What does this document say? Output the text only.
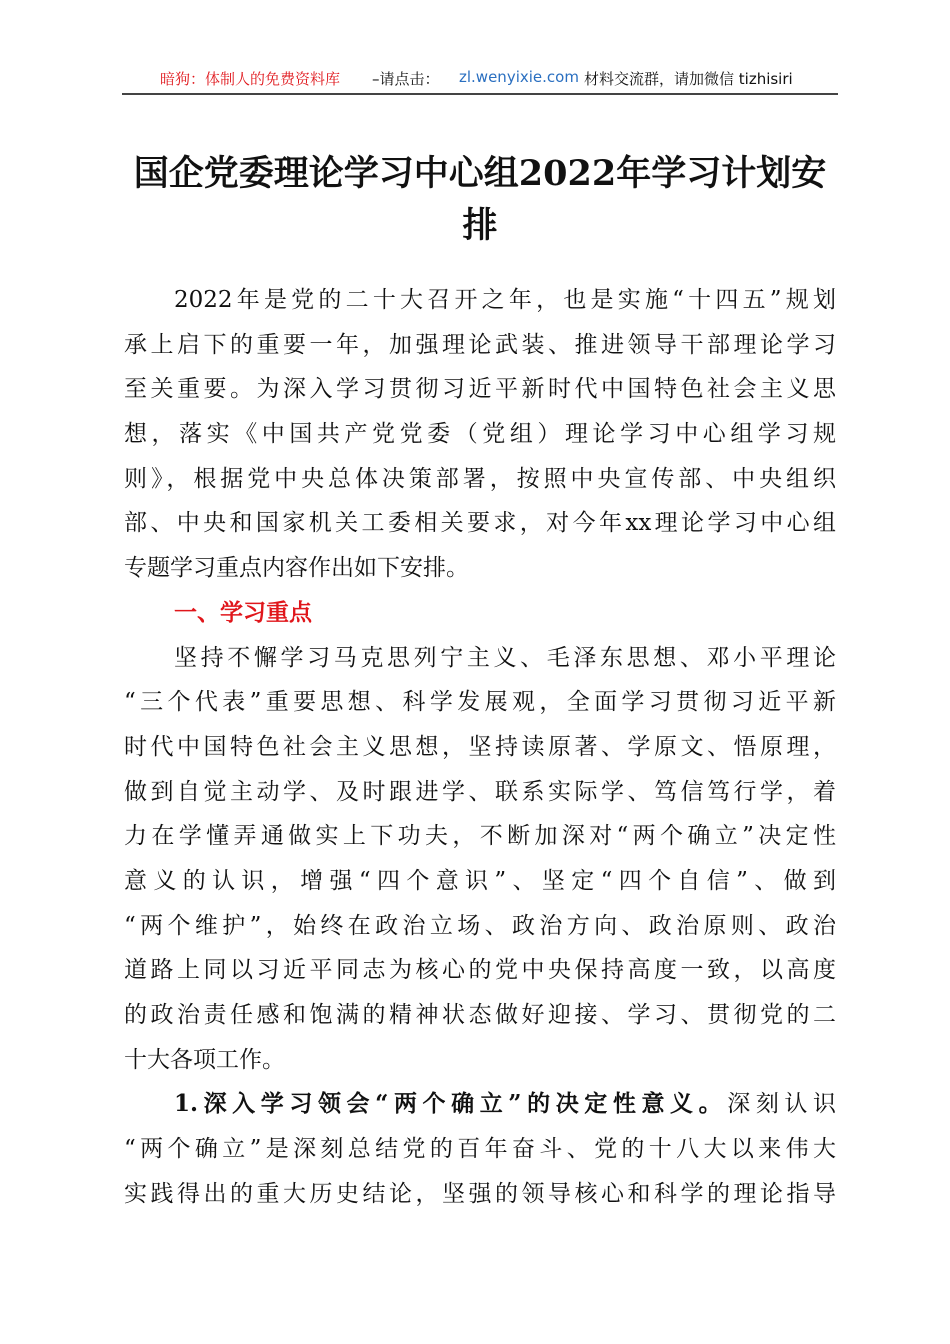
暗狗：体制人的免费资料库 –请点击： zl.wenyixie.com 材料交流群，请加微信 tizhisiri
国企党委理论学习中心组2022年学习计划安
排
2022年是党的二十大召开之年，也是实施“十四五”规划
承上启下的重要一年，加强理论武装、推进领导干部理论学习
至关重要。为深入学习贯彻习近平新时代中国特色社会主义思
想，落实《中国共产党党委（党组）理论学习中心组学习规
则》，根据党中央总体决策部署，按照中央宣传部、中央组织
部、中央和国家机关工委相关要求，对今年xx理论学习中心组
专题学习重点内容作出如下安排。
一、学习重点
坚持不懈学习马克思列宁主义、毛泽东思想、邓小平理论
“三个代表”重要思想、科学发展观，全面学习贯彻习近平新
时代中国特色社会主义思想，坚持读原著、学原文、悟原理，
做到自觉主动学、及时跟进学、联系实际学、笃信笃行学，着
力在学懂弄通做实上下功夫，不断加深对“两个确立”决定性
意义的认识，增强“四个意识”、坚定“四个自信”、做到
“两个维护”，始终在政治立场、政治方向、政治原则、政治
道路上同以习近平同志为核心的党中央保持高度一致，以高度
的政治责任感和饱满的精神状态做好迎接、学习、贯彻党的二
十大各项工作。
1.深入学习领会“两个确立”的决定性意义。深刻认识
“两个确立”是深刻总结党的百年奋斗、党的十八大以来伟大
实践得出的重大历史结论，坚强的领导核心和科学的理论指导
